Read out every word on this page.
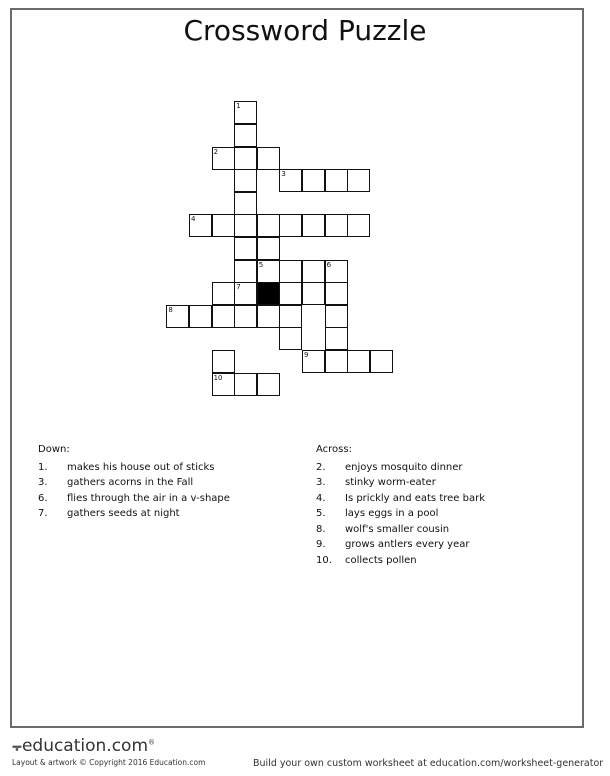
Crossword Puzzle
1
7
2
3
4
5	6
8
9
10
Down:
1. makes his house out of sticks
3. gathers acorns in the Fall
6. flies through the air in a v-shape
7. gathers seeds at night
Across:
2. enjoys mosquito dinner
3. stinky worm-eater
4. Is prickly and eats tree bark
5. lays eggs in a pool
8. wolf's smaller cousin
9. grows antlers every year
10. collects pollen
⨪education.com®
Layout & artwork © Copyright 2016 Education.com	Build your own custom worksheet at education.com/worksheet-generator
